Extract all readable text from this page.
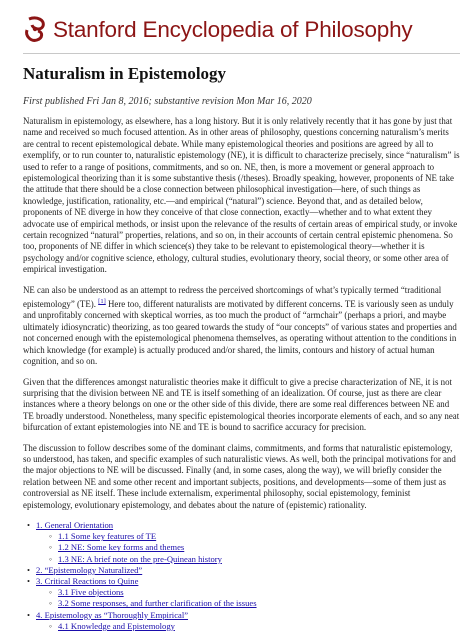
Stanford Encyclopedia of Philosophy
Naturalism in Epistemology
First published Fri Jan 8, 2016; substantive revision Mon Mar 16, 2020

Naturalism in epistemology, as elsewhere, has a long history. But it is only relatively recently that it has gone by just that name and received so much focused attention. As in other areas of philosophy, questions concerning naturalism’s merits are central to recent epistemological debate. While many epistemological theories and positions are agreed by all to exemplify, or to run counter to, naturalistic epistemology (NE), it is difficult to characterize precisely, since “naturalism” is used to refer to a range of positions, commitments, and so on. NE, then, is more a movement or general approach to epistemological theorizing than it is some substantive thesis (/theses). Broadly speaking, however, proponents of NE take the attitude that there should be a close connection between philosophical investigation—here, of such things as knowledge, justification, rationality, etc.—and empirical (“natural”) science. Beyond that, and as detailed below, proponents of NE diverge in how they conceive of that close connection, exactly—whether and to what extent they advocate use of empirical methods, or insist upon the relevance of the results of certain areas of empirical study, or invoke certain recognized “natural” properties, relations, and so on, in their accounts of certain central epistemic phenomena. So too, proponents of NE differ in which science(s) they take to be relevant to epistemological theory—whether it is psychology and/or cognitive science, ethology, cultural studies, evolutionary theory, social theory, or some other area of empirical investigation.

NE can also be understood as an attempt to redress the perceived shortcomings of what’s typically termed “traditional epistemology” (TE). [1] Here too, different naturalists are motivated by different concerns. TE is variously seen as unduly and unprofitably concerned with skeptical worries, as too much the product of “armchair” (perhaps a priori, and maybe ultimately idiosyncratic) theorizing, as too geared towards the study of “our concepts” of various states and properties and not concerned enough with the epistemological phenomena themselves, as operating without attention to the conditions in which knowledge (for example) is actually produced and/or shared, the limits, contours and history of actual human cognition, and so on.

Given that the differences amongst naturalistic theories make it difficult to give a precise characterization of NE, it is not surprising that the division between NE and TE is itself something of an idealization. Of course, just as there are clear instances where a theory belongs on one or the other side of this divide, there are some real differences between NE and TE broadly understood. Nonetheless, many specific epistemological theories incorporate elements of each, and so any neat bifurcation of extant epistemologies into NE and TE is bound to sacrifice accuracy for precision.

The discussion to follow describes some of the dominant claims, commitments, and forms that naturalistic epistemology, so understood, has taken, and specific examples of such naturalistic views. As well, both the principal motivations for and the major objections to NE will be discussed. Finally (and, in some cases, along the way), we will briefly consider the relation between NE and some other recent and important subjects, positions, and developments—some of them just as controversial as NE itself. These include externalism, experimental philosophy, social epistemology, feminist epistemology, evolutionary epistemology, and debates about the nature of (epistemic) rationality.

• 1. General Orientation
◦ 1.1 Some key features of TE
◦ 1.2 NE: Some key forms and themes
◦ 1.3 NE: A brief note on the pre-Quinean history
• 2. “Epistemology Naturalized”
• 3. Critical Reactions to Quine
◦ 3.1 Five objections
◦ 3.2 Some responses, and further clarification of the issues
• 4. Epistemology as “Thoroughly Empirical”
◦ 4.1 Knowledge and Epistemology
